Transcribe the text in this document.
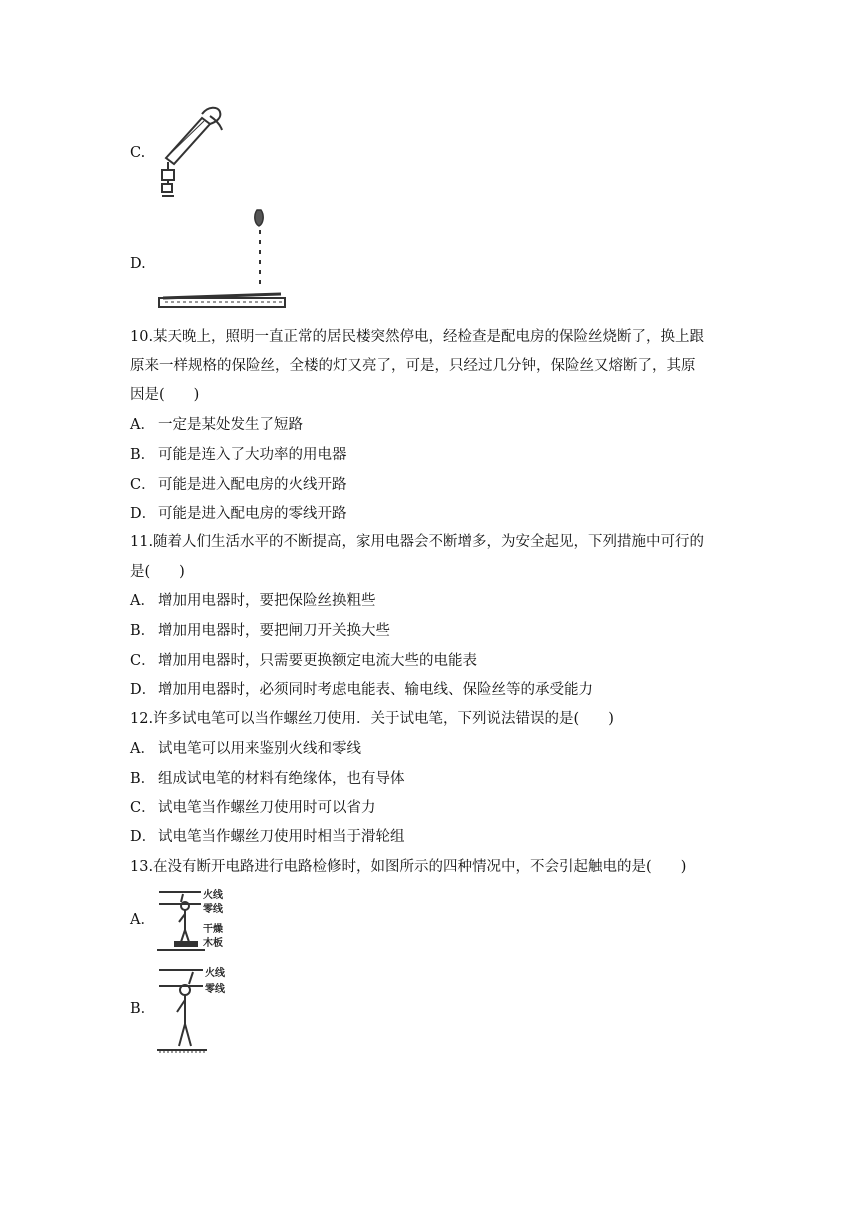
C.
D.
10.某天晚上，照明一直正常的居民楼突然停电，经检查是配电房的保险丝烧断了，换上跟
原来一样规格的保险丝，全楼的灯又亮了，可是，只经过几分钟，保险丝又熔断了，其原
因是(　　)
A． 一定是某处发生了短路
B． 可能是连入了大功率的用电器
C． 可能是进入配电房的火线开路
D． 可能是进入配电房的零线开路
11.随着人们生活水平的不断提高，家用电器会不断增多，为安全起见，下列措施中可行的
是(　　)
A． 增加用电器时，要把保险丝换粗些
B． 增加用电器时，要把闸刀开关换大些
C． 增加用电器时，只需要更换额定电流大些的电能表
D． 增加用电器时，必须同时考虑电能表、输电线、保险丝等的承受能力
12.许多试电笔可以当作螺丝刀使用．关于试电笔，下列说法错误的是(　　)
A． 试电笔可以用来鉴别火线和零线
B． 组成试电笔的材料有绝缘体，也有导体
C． 试电笔当作螺丝刀使用时可以省力
D． 试电笔当作螺丝刀使用时相当于滑轮组
13.在没有断开电路进行电路检修时，如图所示的四种情况中，不会引起触电的是(　　)
A．
火线
零线
干燥
木板
B．
火线
零线
